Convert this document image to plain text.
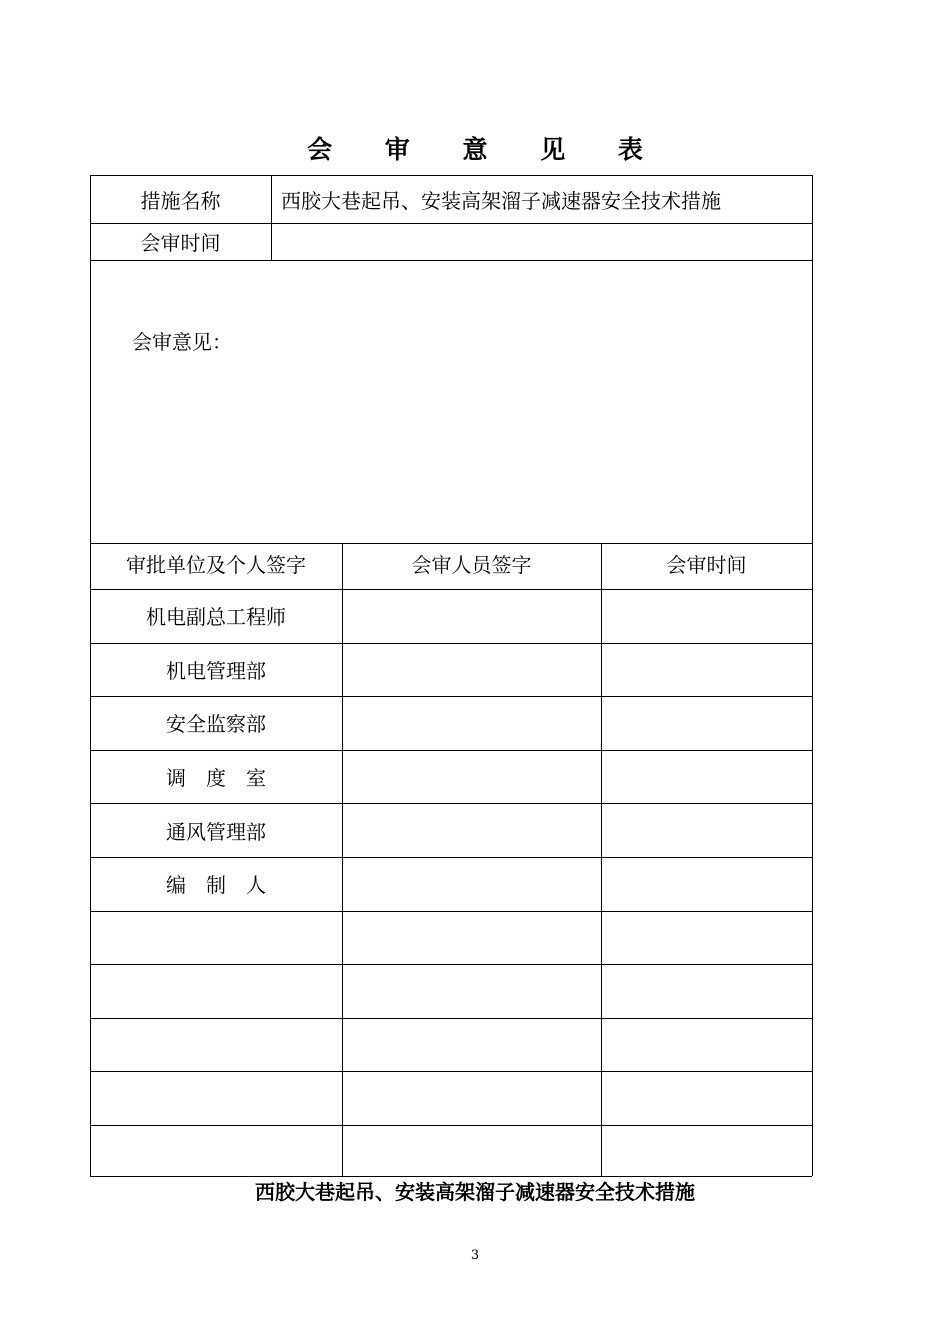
会 审 意 见 表
措施名称	西胶大巷起吊、安装高架溜子减速器安全技术措施
会审时间
会审意见：
审批单位及个人签字	会审人员签字	会审时间
机电副总工程师
机电管理部
安全监察部
调　度　室
通风管理部
编　制　人
西胶大巷起吊、安装高架溜子减速器安全技术措施
3
